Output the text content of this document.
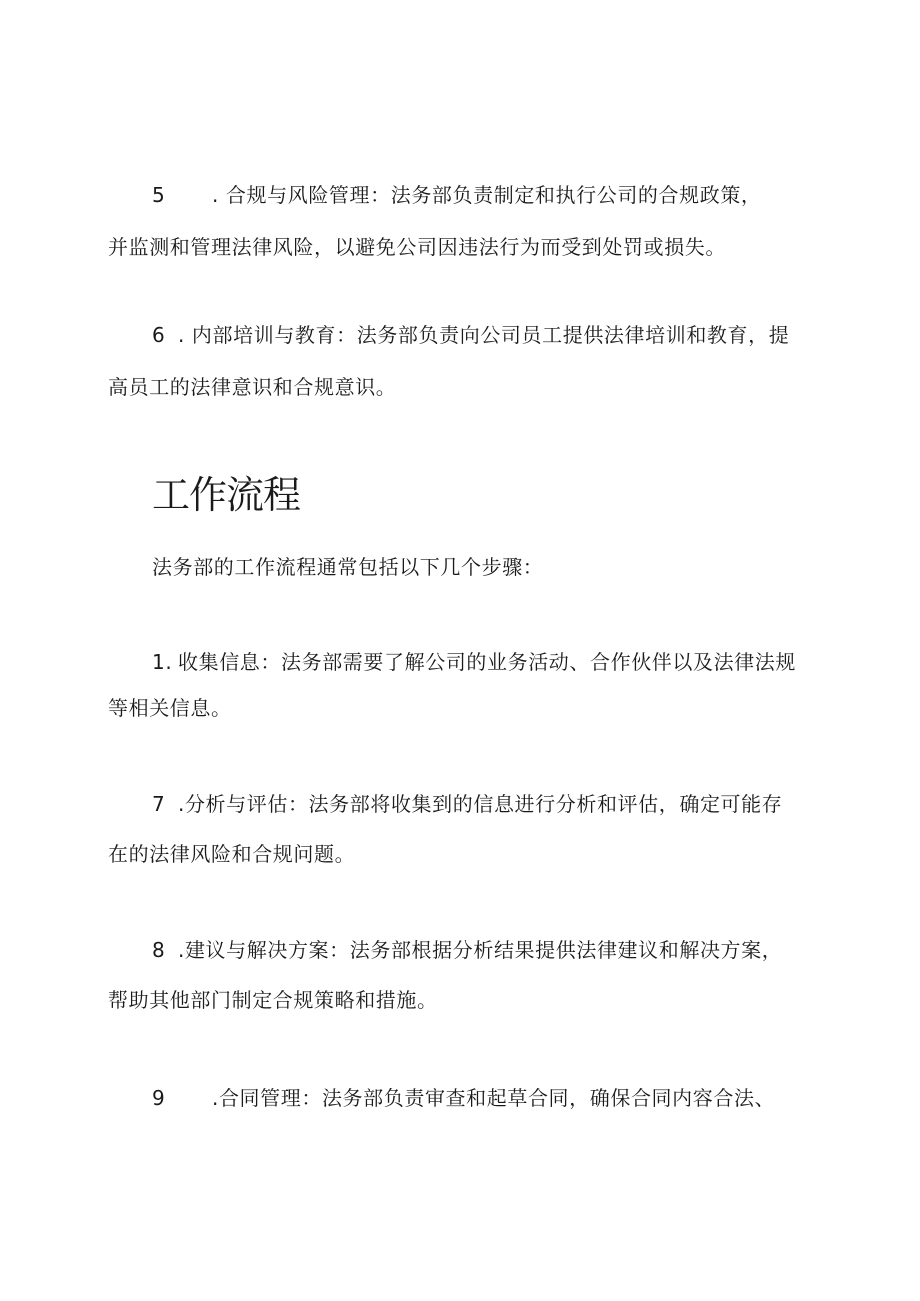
5 . 合规与风险管理：法务部负责制定和执行公司的合规政策，
并监测和管理法律风险，以避免公司因违法行为而受到处罚或损失。
6 . 内部培训与教育：法务部负责向公司员工提供法律培训和教育，提
高员工的法律意识和合规意识。
工作流程
法务部的工作流程通常包括以下几个步骤：
1. 收集信息：法务部需要了解公司的业务活动、合作伙伴以及法律法规
等相关信息。
7 .分析与评估：法务部将收集到的信息进行分析和评估，确定可能存
在的法律风险和合规问题。
8 .建议与解决方案：法务部根据分析结果提供法律建议和解决方案，
帮助其他部门制定合规策略和措施。
9 .合同管理：法务部负责审查和起草合同，确保合同内容合法、
